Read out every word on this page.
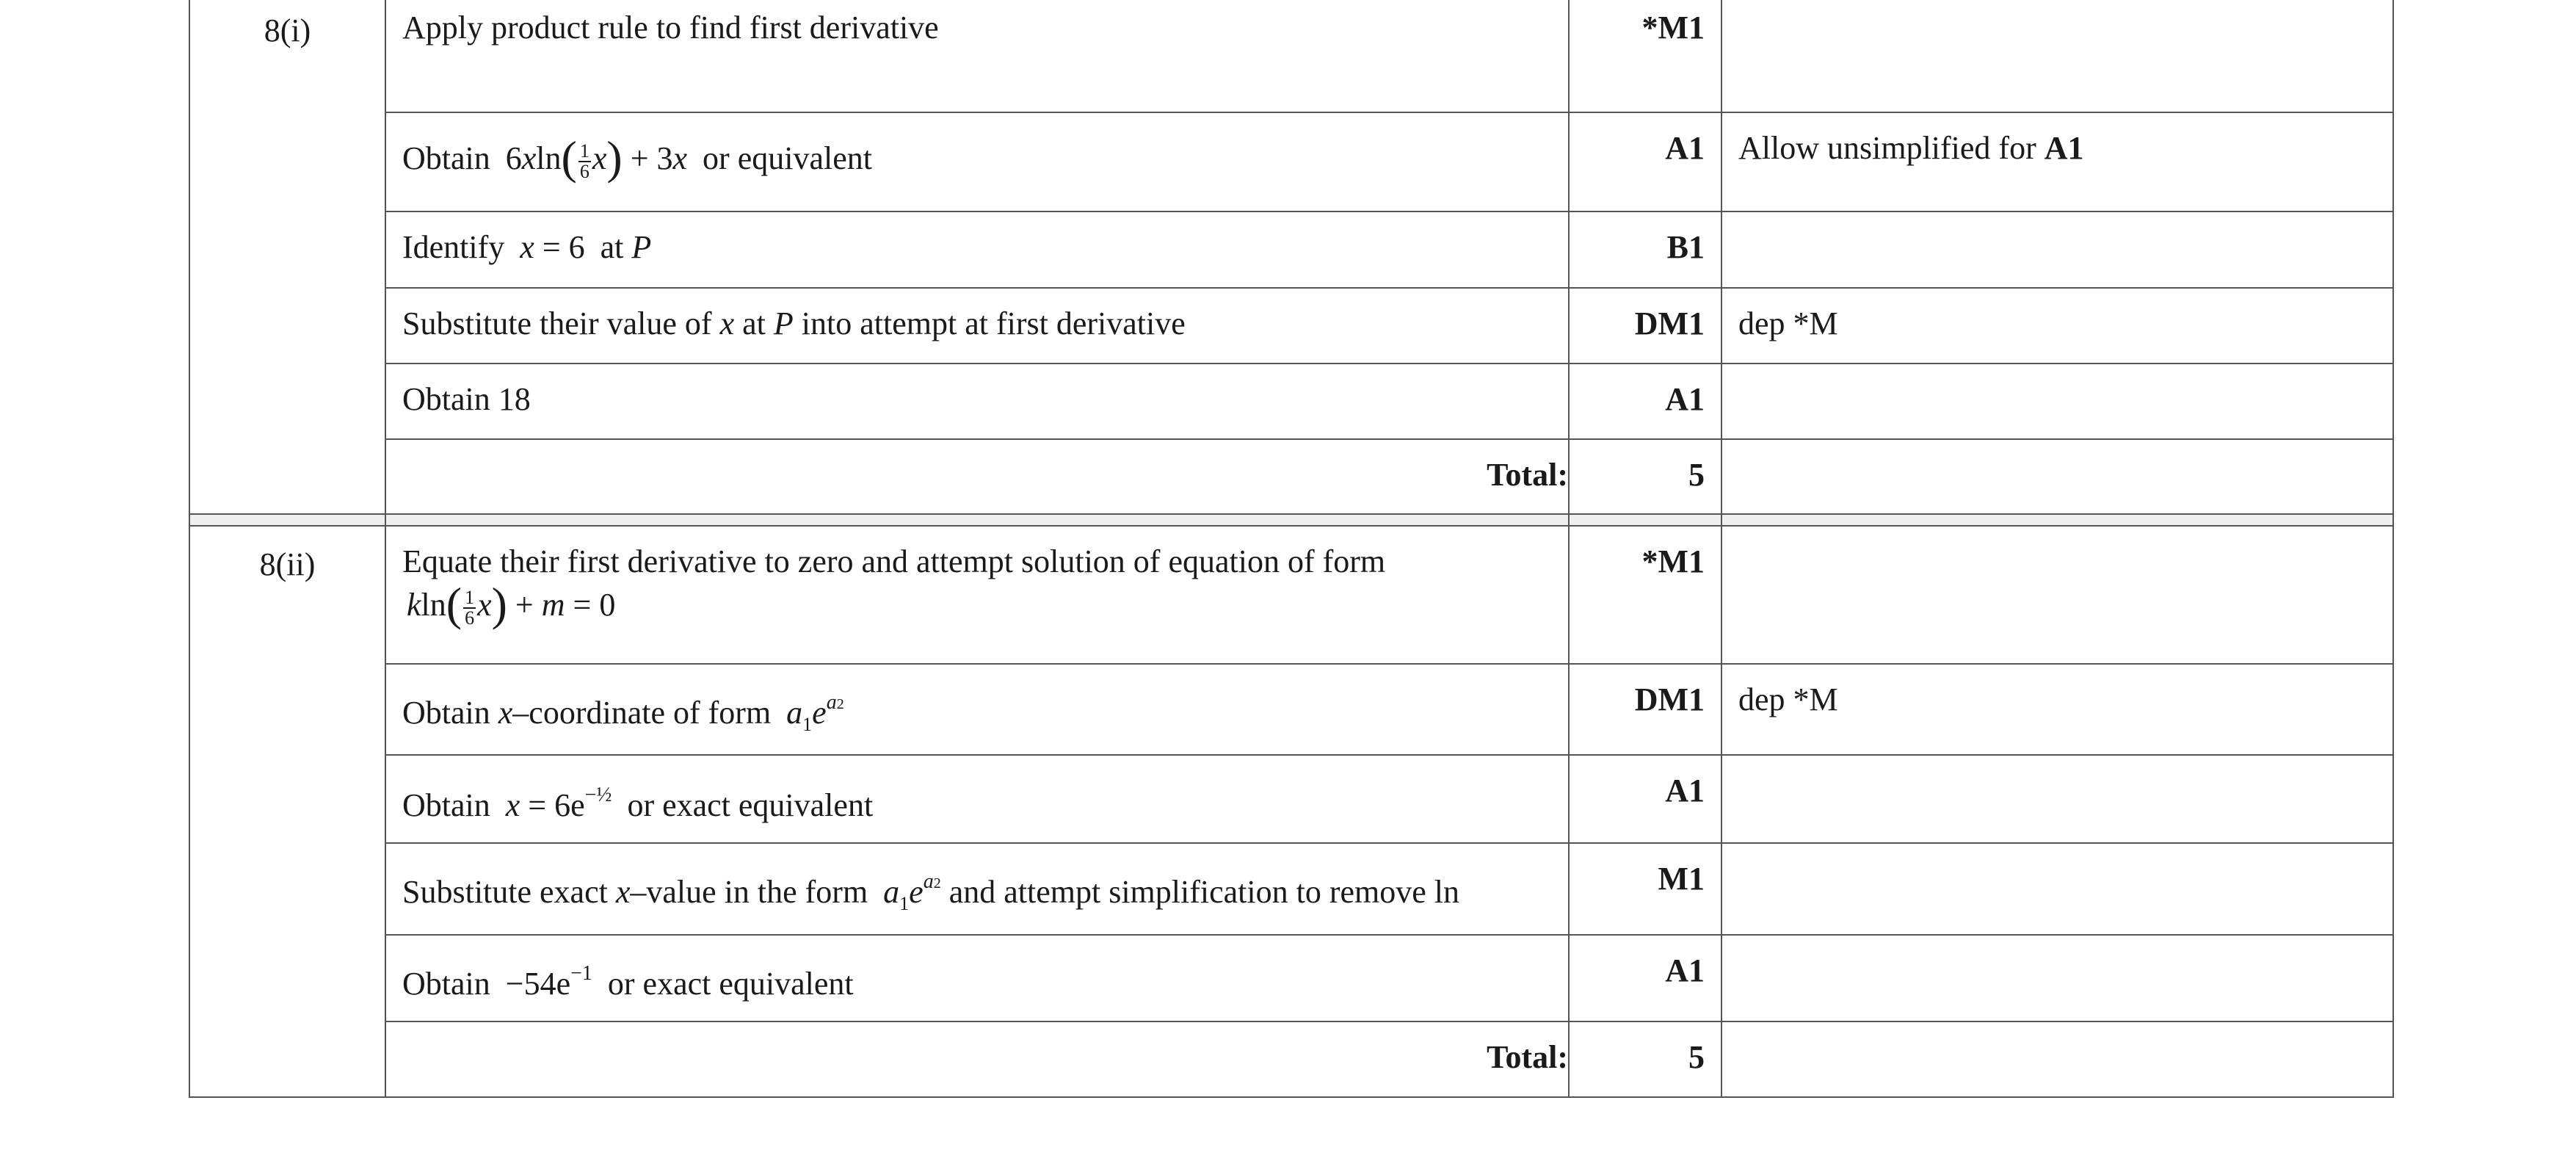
8(i)	Apply product rule to find first derivative	*M1	
	Obtain $6xln( \frac{1}{6} x) + 3x$ or equivalent	A1	Allow unsimplified for A1
	Identify x = 6 at P	B1	
	Substitute their value of x at P into attempt at first derivative	DM1	dep *M
	Obtain 18	A1	
	Total:	5	

8(ii)	Equate their first derivative to zero and attempt solution of equation of form
$kln( \frac{1}{6} x) + m = 0$	*M1	
	Obtain x–coordinate of form $a_1e^{a2}$	DM1	dep *M
	Obtain $x = 6e^{-\frac{1}{2}}$ or exact equivalent	A1	
	Substitute exact x–value in the form $a_1e^{a2}$ and attempt simplification to remove ln	M1	
	Obtain $-54e^{-1}$ or exact equivalent	A1	
	Total:	5	
